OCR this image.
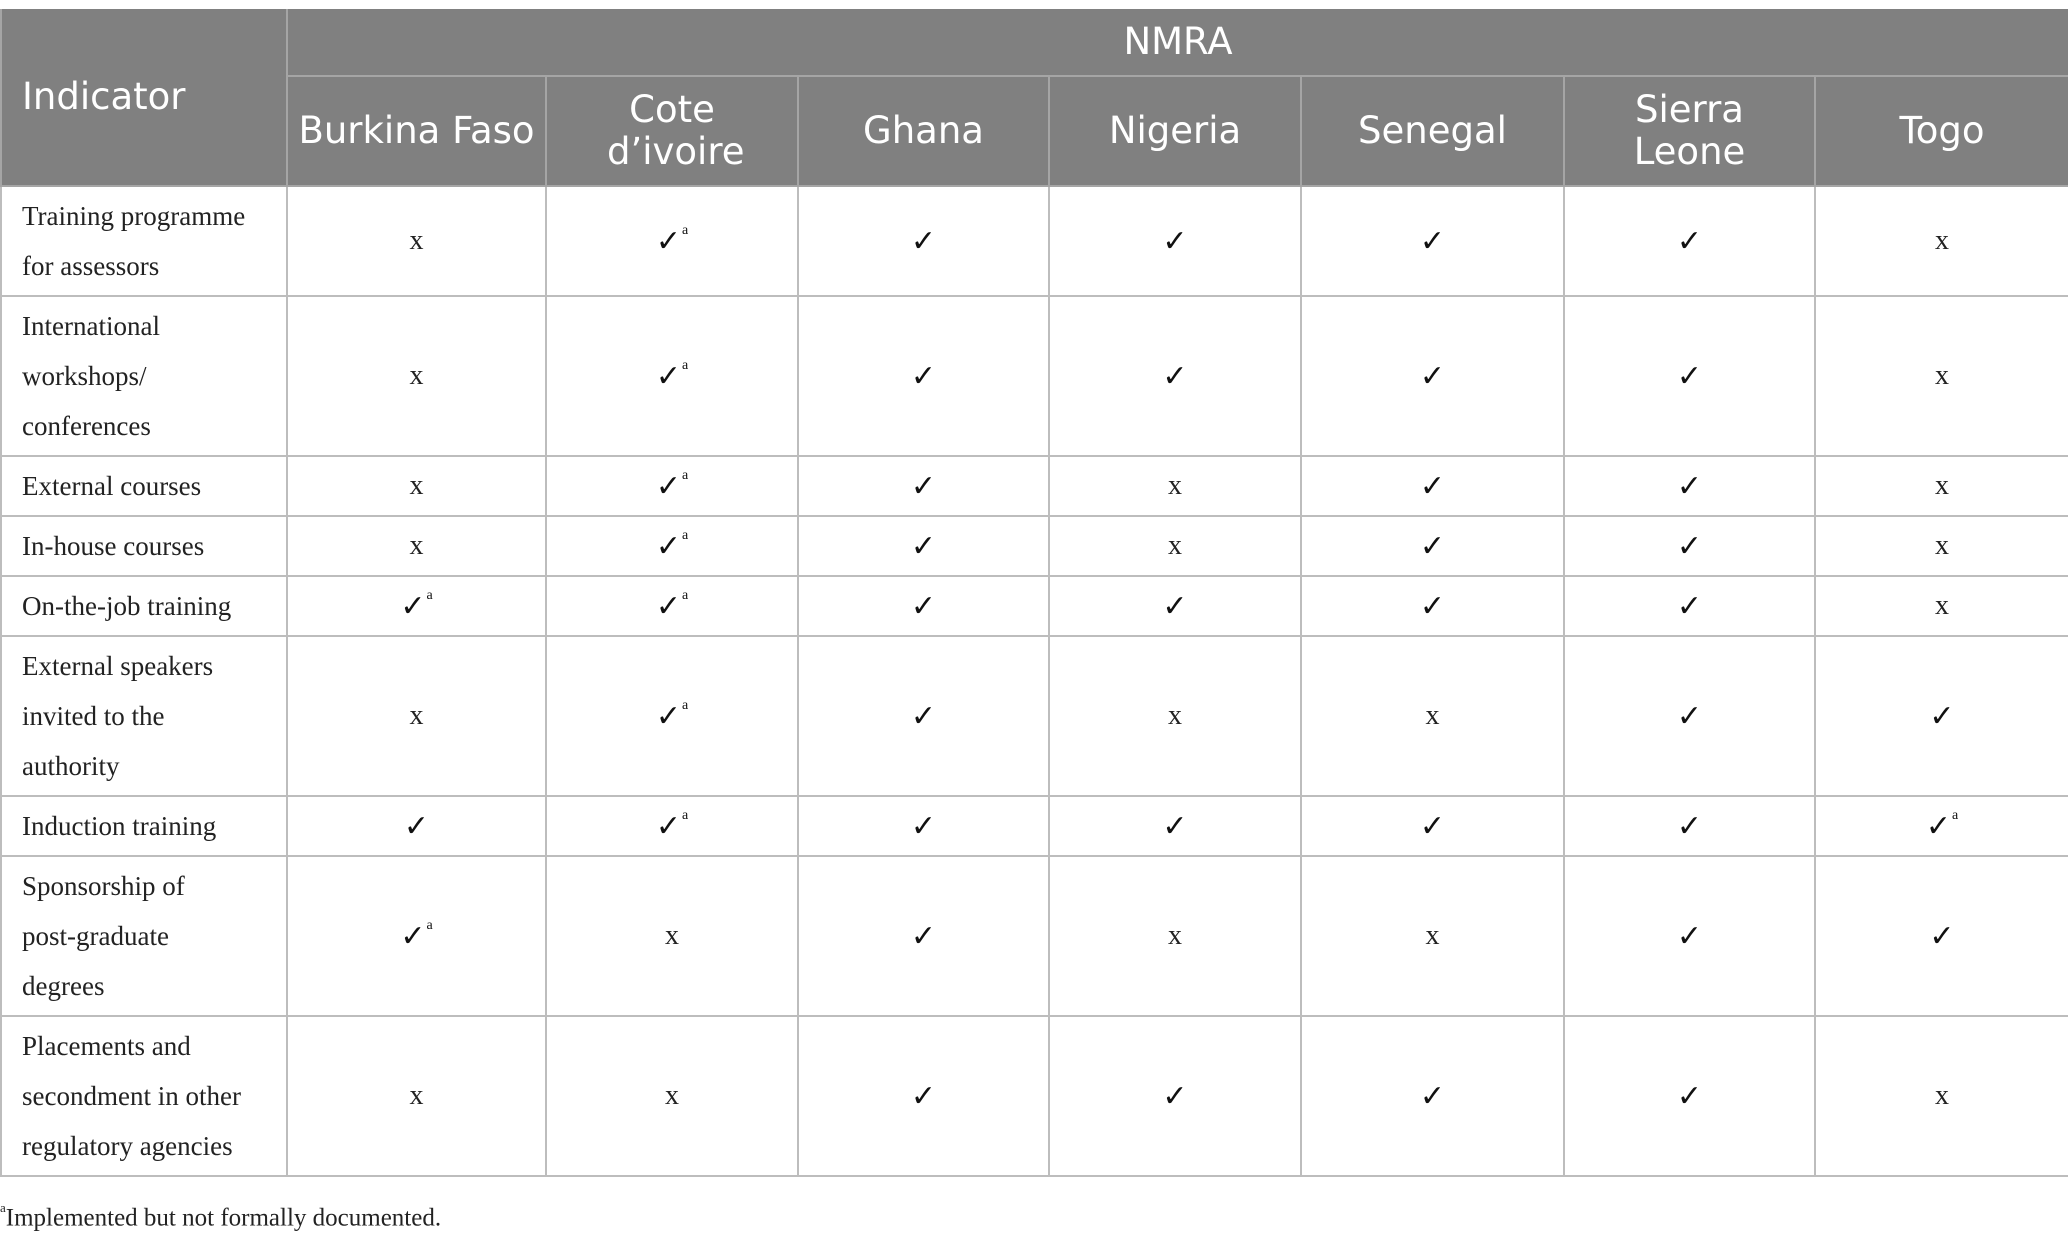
Indicator	NMRA						
	Burkina Faso	Cote d’ivoire	Ghana	Nigeria	Senegal	Sierra Leone	Togo
Training programme for assessors	x	✓$^a$	✓	✓	✓	✓	x
International workshops/ conferences	x	✓$^a$	✓	✓	✓	✓	x
External courses	x	✓$^a$	✓	x	✓	✓	x
In-house courses	x	✓$^a$	✓	x	✓	✓	x
On-the-job training	✓$^a$	✓$^a$	✓	✓	✓	✓	x
External speakers invited to the authority	x	✓$^a$	✓	x	x	✓	✓
Induction training	✓	✓$^a$	✓	✓	✓	✓	✓$^a$
Sponsorship of post-graduate degrees	✓$^a$	x	✓	x	x	✓	✓
Placements and secondment in other regulatory agencies	x	x	✓	✓	✓	✓	x
$^a$Implemented but not formally documented.
